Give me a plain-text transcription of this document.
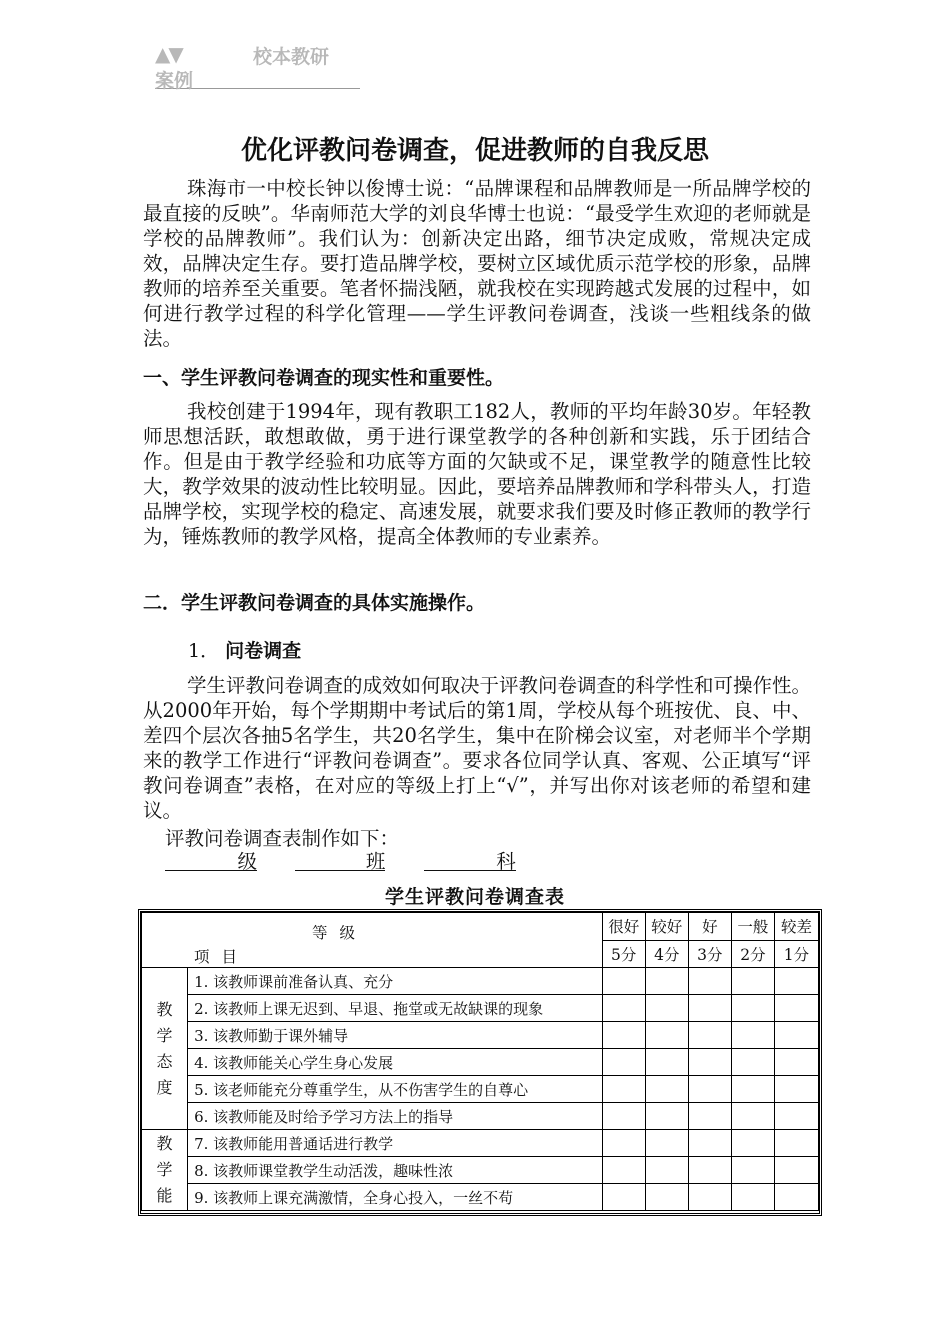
▲▼	校本教研
案例
优化评教问卷调查，促进教师的自我反思

珠海市一中校长钟以俊博士说：“品牌课程和品牌教师是一所品牌学校的最直接的反映”。华南师范大学的刘良华博士也说：“最受学生欢迎的老师就是学校的品牌教师”。我们认为：创新决定出路，细节决定成败，常规决定成效，品牌决定生存。要打造品牌学校，要树立区域优质示范学校的形象，品牌教师的培养至关重要。笔者怀揣浅陋，就我校在实现跨越式发展的过程中，如何进行教学过程的科学化管理——学生评教问卷调查，浅谈一些粗线条的做法。

一、学生评教问卷调查的现实性和重要性。

我校创建于1994年，现有教职工182人，教师的平均年龄30岁。年轻教师思想活跃，敢想敢做，勇于进行课堂教学的各种创新和实践，乐于团结合作。但是由于教学经验和功底等方面的欠缺或不足，课堂教学的随意性比较大，教学效果的波动性比较明显。因此，要培养品牌教师和学科带头人，打造品牌学校，实现学校的稳定、高速发展，就要求我们要及时修正教师的教学行为，锤炼教师的教学风格，提高全体教师的专业素养。

二．学生评教问卷调查的具体实施操作。
1． 问卷调查

学生评教问卷调查的成效如何取决于评教问卷调查的科学性和可操作性。从2000年开始，每个学期期中考试后的第1周，学校从每个班按优、良、中、差四个层次各抽5名学生，共20名学生，集中在阶梯会议室，对老师半个学期来的教学工作进行“评教问卷调查”。要求各位同学认真、客观、公正填写“评教问卷调查”表格，在对应的等级上打上“√”，并写出你对该老师的希望和建议。

评教问卷调查表制作如下：
级	班	科
学生评教问卷调查表
等级
项目		很好	较好	好	一般	较差
		5分	4分	3分	2分	1分

教学态度	1. 该教师课前准备认真、充分					
	2. 该教师上课无迟到、早退、拖堂或无故缺课的现象					
	3. 该教师勤于课外辅导					
	4. 该教师能关心学生身心发展					
	5. 该老师能充分尊重学生，从不伤害学生的自尊心					
	6. 该教师能及时给予学习方法上的指导					

教学能	7. 该教师能用普通话进行教学					
	8. 该教师课堂教学生动活泼，趣味性浓					
	9. 该教师上课充满激情，全身心投入，一丝不苟					
